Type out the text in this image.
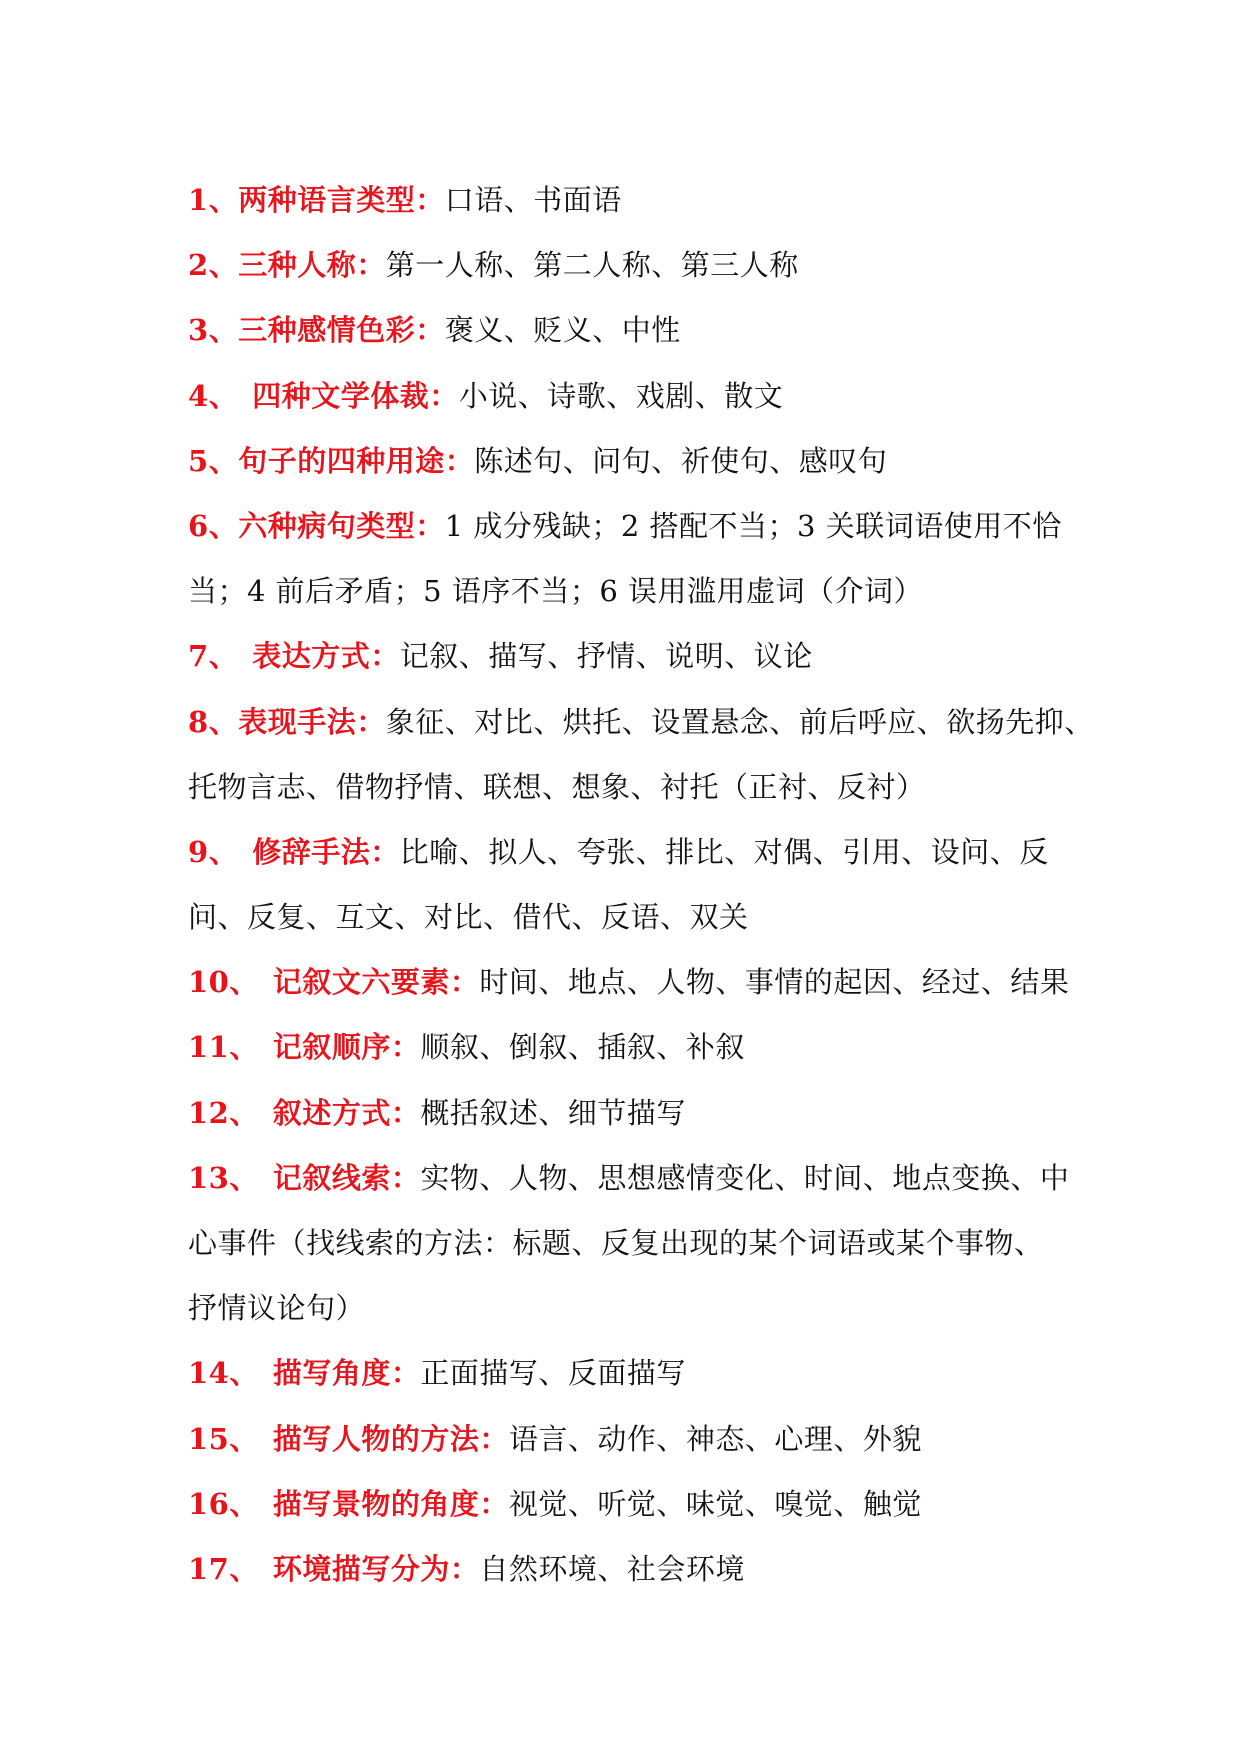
1、两种语言类型：口语、书面语
2、三种人称：第一人称、第二人称、第三人称
3、三种感情色彩：褒义、贬义、中性
4、 四种文学体裁：小说、诗歌、戏剧、散文
5、句子的四种用途：陈述句、问句、祈使句、感叹句
6、六种病句类型：1 成分残缺；2 搭配不当；3 关联词语使用不恰
当；4 前后矛盾；5 语序不当；6 误用滥用虚词（介词）
7、 表达方式：记叙、描写、抒情、说明、议论
8、表现手法：象征、对比、烘托、设置悬念、前后呼应、欲扬先抑、
托物言志、借物抒情、联想、想象、衬托（正衬、反衬）
9、 修辞手法：比喻、拟人、夸张、排比、对偶、引用、设问、反
问、反复、互文、对比、借代、反语、双关
10、 记叙文六要素：时间、地点、人物、事情的起因、经过、结果
11、 记叙顺序：顺叙、倒叙、插叙、补叙
12、 叙述方式：概括叙述、细节描写
13、 记叙线索：实物、人物、思想感情变化、时间、地点变换、中
心事件（找线索的方法：标题、反复出现的某个词语或某个事物、
抒情议论句）
14、 描写角度：正面描写、反面描写
15、 描写人物的方法：语言、动作、神态、心理、外貌
16、 描写景物的角度：视觉、听觉、味觉、嗅觉、触觉
17、 环境描写分为：自然环境、社会环境
